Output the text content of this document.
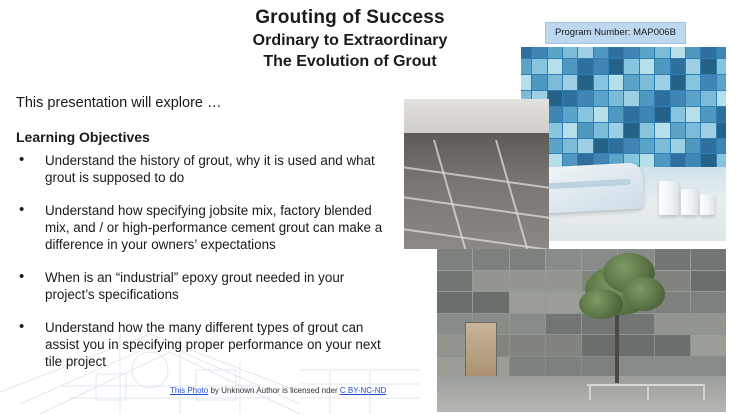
Grouting of Success
Ordinary to Extraordinary
The Evolution of Grout
This presentation will explore …
Learning Objectives
• Understand the history of grout, why it is used and what grout is supposed to do
• Understand how specifying jobsite mix, factory blended mix, and / or high-performance cement grout can make a difference in your owners’ expectations
• When is an “industrial” epoxy grout needed in your project’s specifications
• Understand how the many different types of grout can assist you in specifying proper performance on your next tile project
This Photo by Unknown Author is licensed nder C BY-NC-ND
Program Number: MAP006B
